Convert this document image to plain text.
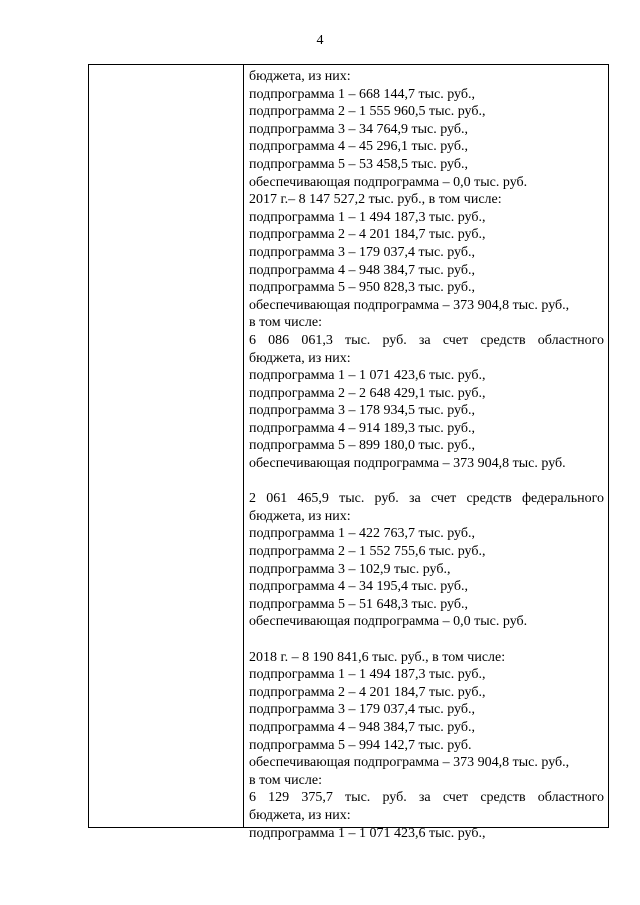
4
бюджета, из них:
подпрограмма 1 – 668 144,7 тыс. руб.,
подпрограмма 2 – 1 555 960,5 тыс. руб.,
подпрограмма 3 – 34 764,9 тыс. руб.,
подпрограмма 4 – 45 296,1 тыс. руб.,
подпрограмма 5 – 53 458,5 тыс. руб.,
обеспечивающая подпрограмма – 0,0 тыс. руб.
2017 г.– 8 147 527,2 тыс. руб., в том числе:
подпрограмма 1 – 1 494 187,3 тыс. руб.,
подпрограмма 2 – 4 201 184,7 тыс. руб.,
подпрограмма 3 – 179 037,4 тыс. руб.,
подпрограмма 4 – 948 384,7 тыс. руб.,
подпрограмма 5 – 950 828,3 тыс. руб.,
обеспечивающая подпрограмма – 373 904,8 тыс. руб.,
в том числе:
6 086 061,3 тыс. руб. за счет средств областного
бюджета, из них:
подпрограмма 1 – 1 071 423,6 тыс. руб.,
подпрограмма 2 – 2 648 429,1 тыс. руб.,
подпрограмма 3 – 178 934,5 тыс. руб.,
подпрограмма 4 – 914 189,3 тыс. руб.,
подпрограмма 5 – 899 180,0 тыс. руб.,
обеспечивающая подпрограмма – 373 904,8 тыс. руб.
2 061 465,9 тыс. руб. за счет средств федерального
бюджета, из них:
подпрограмма 1 – 422 763,7 тыс. руб.,
подпрограмма 2 – 1 552 755,6 тыс. руб.,
подпрограмма 3 – 102,9 тыс. руб.,
подпрограмма 4 – 34 195,4 тыс. руб.,
подпрограмма 5 – 51 648,3 тыс. руб.,
обеспечивающая подпрограмма – 0,0 тыс. руб.
2018 г. – 8 190 841,6 тыс. руб., в том числе:
подпрограмма 1 – 1 494 187,3 тыс. руб.,
подпрограмма 2 – 4 201 184,7 тыс. руб.,
подпрограмма 3 – 179 037,4 тыс. руб.,
подпрограмма 4 – 948 384,7 тыс. руб.,
подпрограмма 5 – 994 142,7 тыс. руб.
обеспечивающая подпрограмма – 373 904,8 тыс. руб.,
в том числе:
6 129 375,7 тыс. руб. за счет средств областного
бюджета, из них:
подпрограмма 1 – 1 071 423,6 тыс. руб.,
